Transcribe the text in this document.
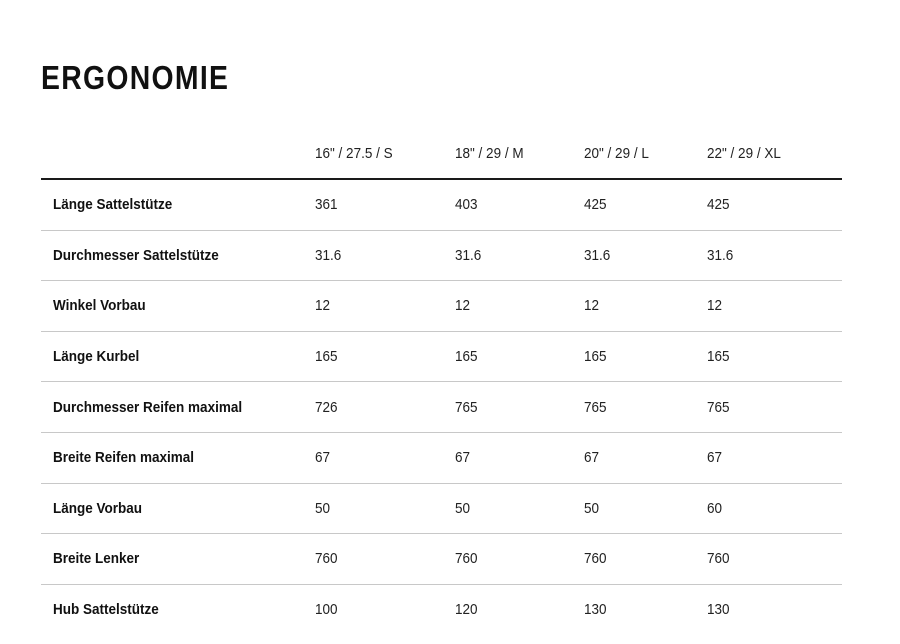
ERGONOMIE
	16" / 27.5 / S	18" / 29 / M	20" / 29 / L	22" / 29 / XL
Länge Sattelstütze	361	403	425	425
Durchmesser Sattelstütze	31.6	31.6	31.6	31.6
Winkel Vorbau	12	12	12	12
Länge Kurbel	165	165	165	165
Durchmesser Reifen maximal	726	765	765	765
Breite Reifen maximal	67	67	67	67
Länge Vorbau	50	50	50	60
Breite Lenker	760	760	760	760
Hub Sattelstütze	100	120	130	130
